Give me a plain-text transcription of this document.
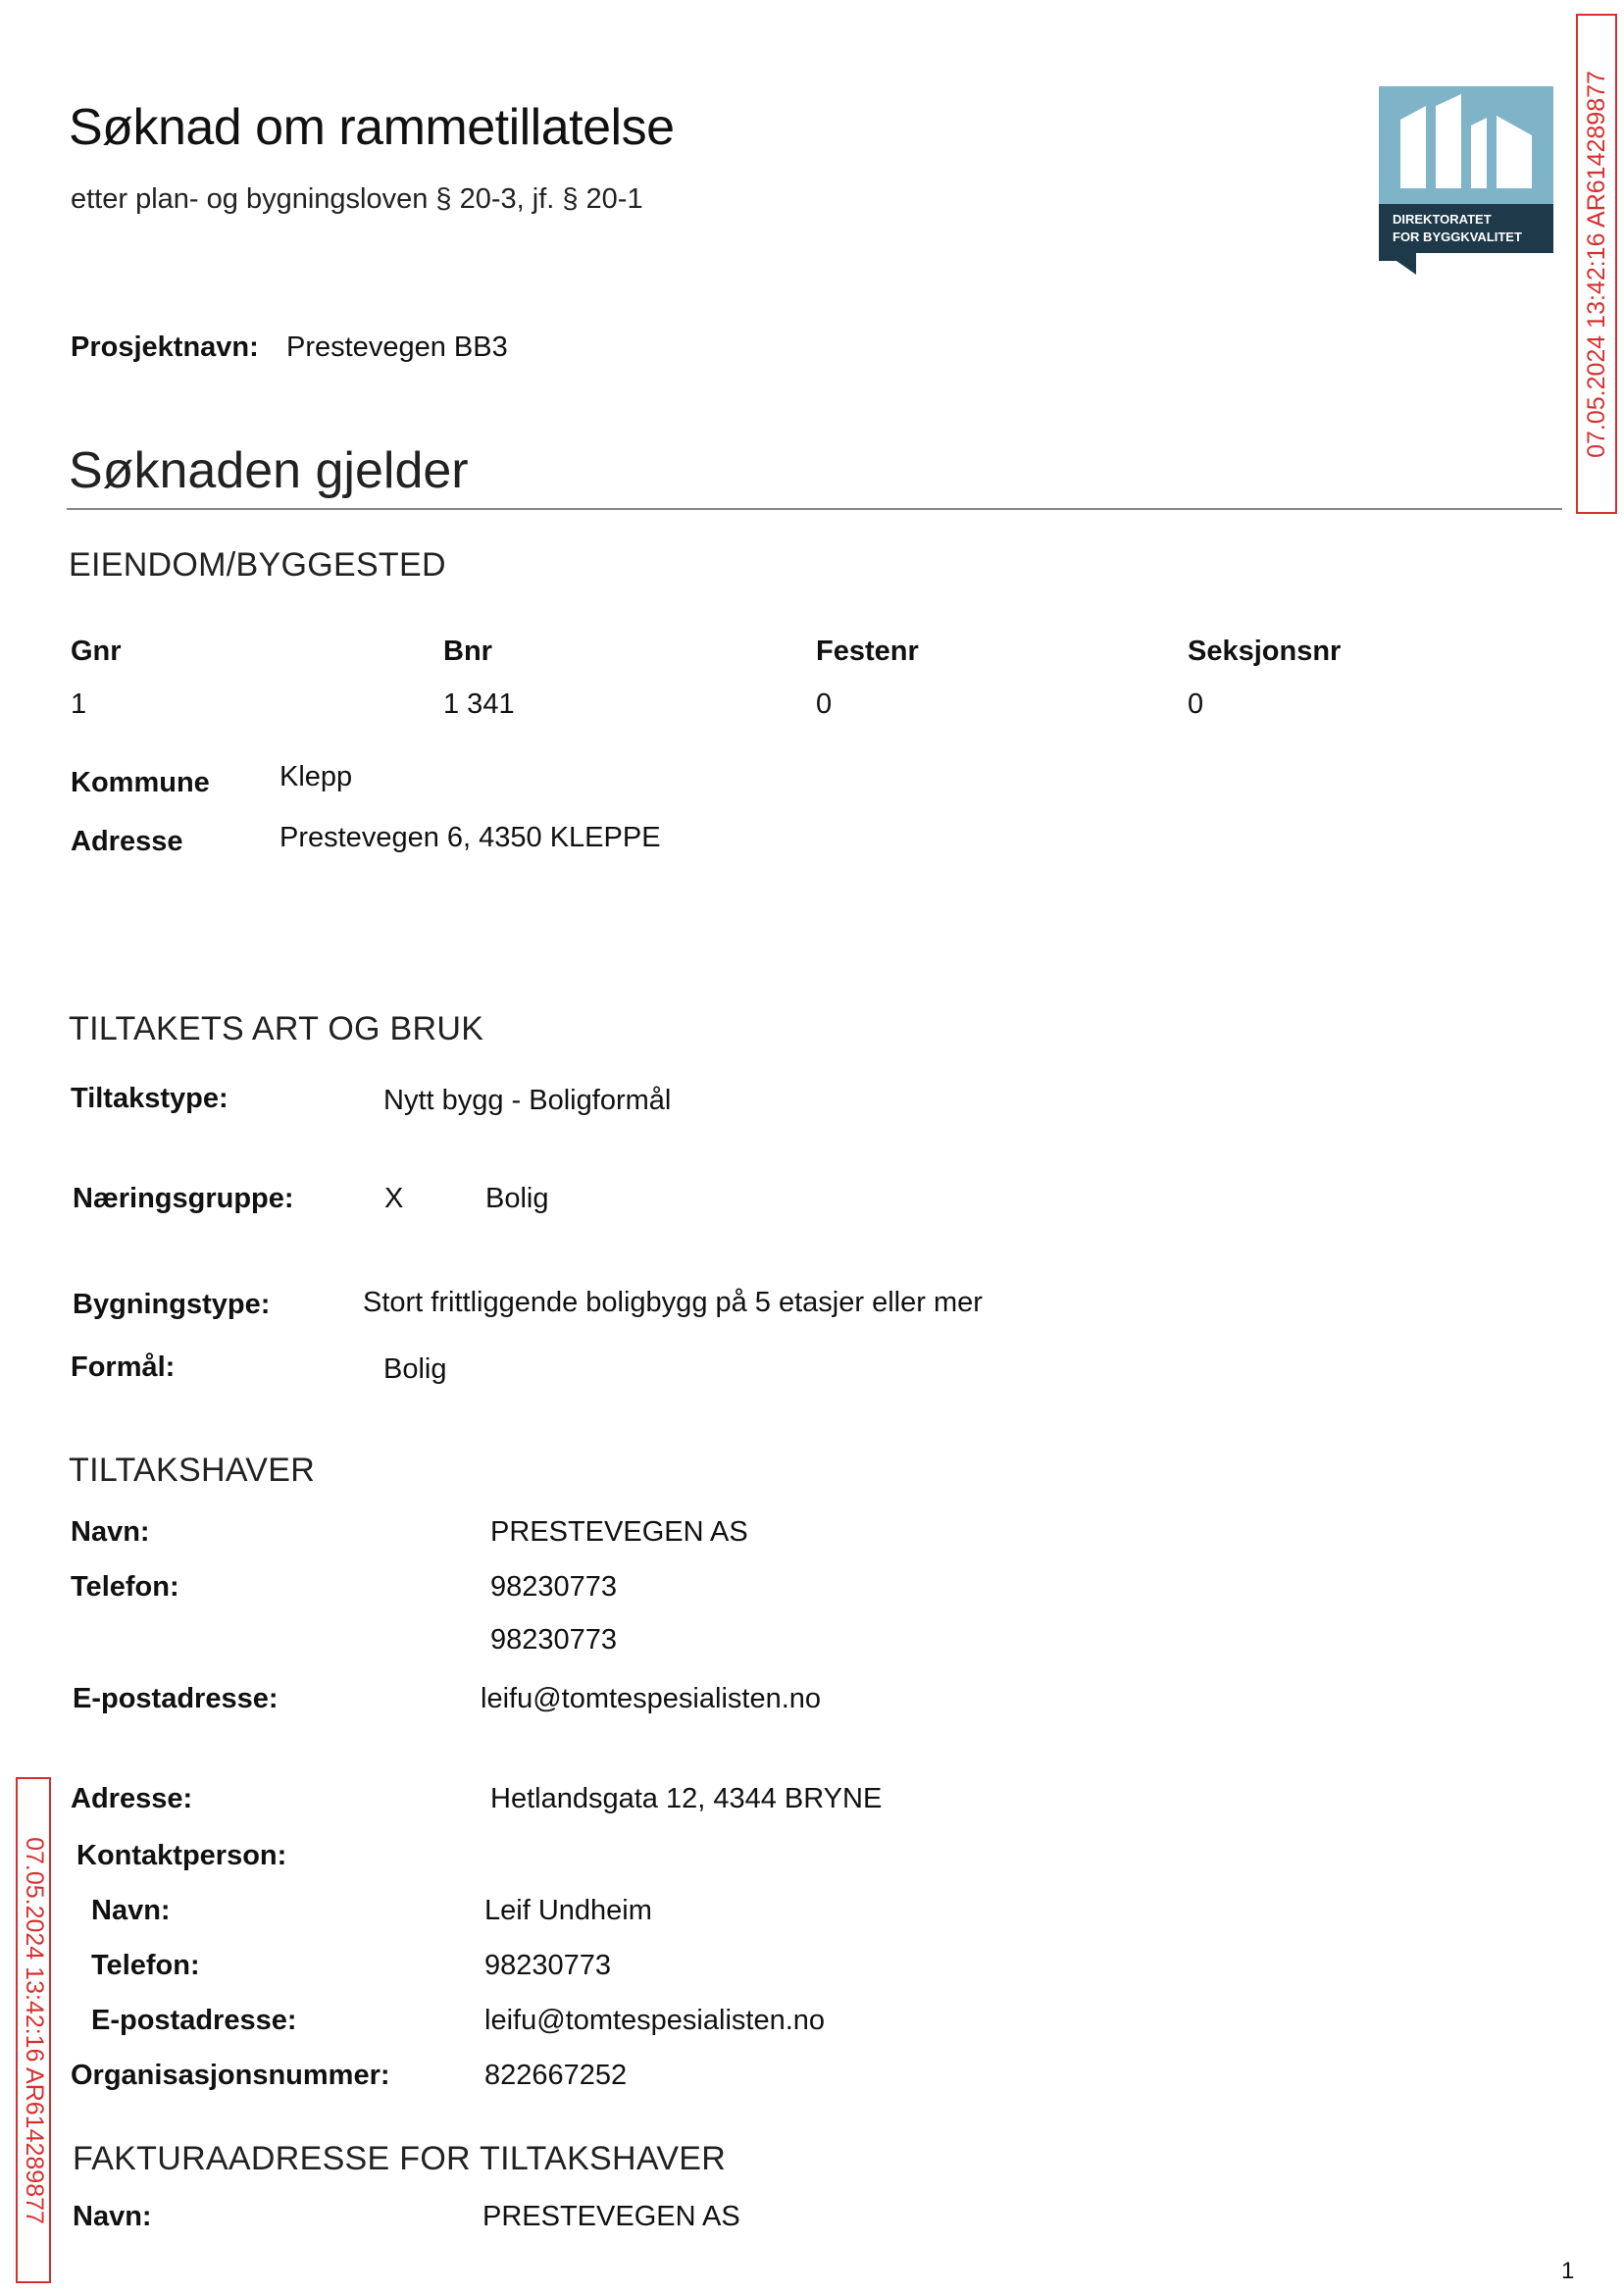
Søknad om rammetillatelse
etter plan- og bygningsloven § 20-3, jf. § 20-1
DIREKTORATET
FOR BYGGKVALITET 07.05.2024 13:42:16 AR614289877
07.05.2024 13:42:16 AR614289877
Prosjektnavn: Prestevegen BB3
Søknaden gjelder
EIENDOM/BYGGESTED
Gnr	Bnr	Festenr	Seksjonsnr
1	1 341	0	0
Kommune Klepp
Adresse	Prestevegen 6, 4350 KLEPPE
TILTAKETS ART OG BRUK
Tiltakstype:	Nytt bygg - Boligformål
Næringsgruppe:	X	Bolig
Bygningstype:	Stort frittliggende boligbygg på 5 etasjer eller mer
Formål:	Bolig
TILTAKSHAVER
Navn:	PRESTEVEGEN AS
Telefon:	98230773
98230773
E-postadresse:	leifu@tomtespesialisten.no
Adresse:	Hetlandsgata 12, 4344 BRYNE
Kontaktperson:
Navn:	Leif Undheim
Telefon:	98230773
E-postadresse:	leifu@tomtespesialisten.no
Organisasjonsnummer:	822667252
FAKTURAADRESSE FOR TILTAKSHAVER
Navn:	PRESTEVEGEN AS
1
